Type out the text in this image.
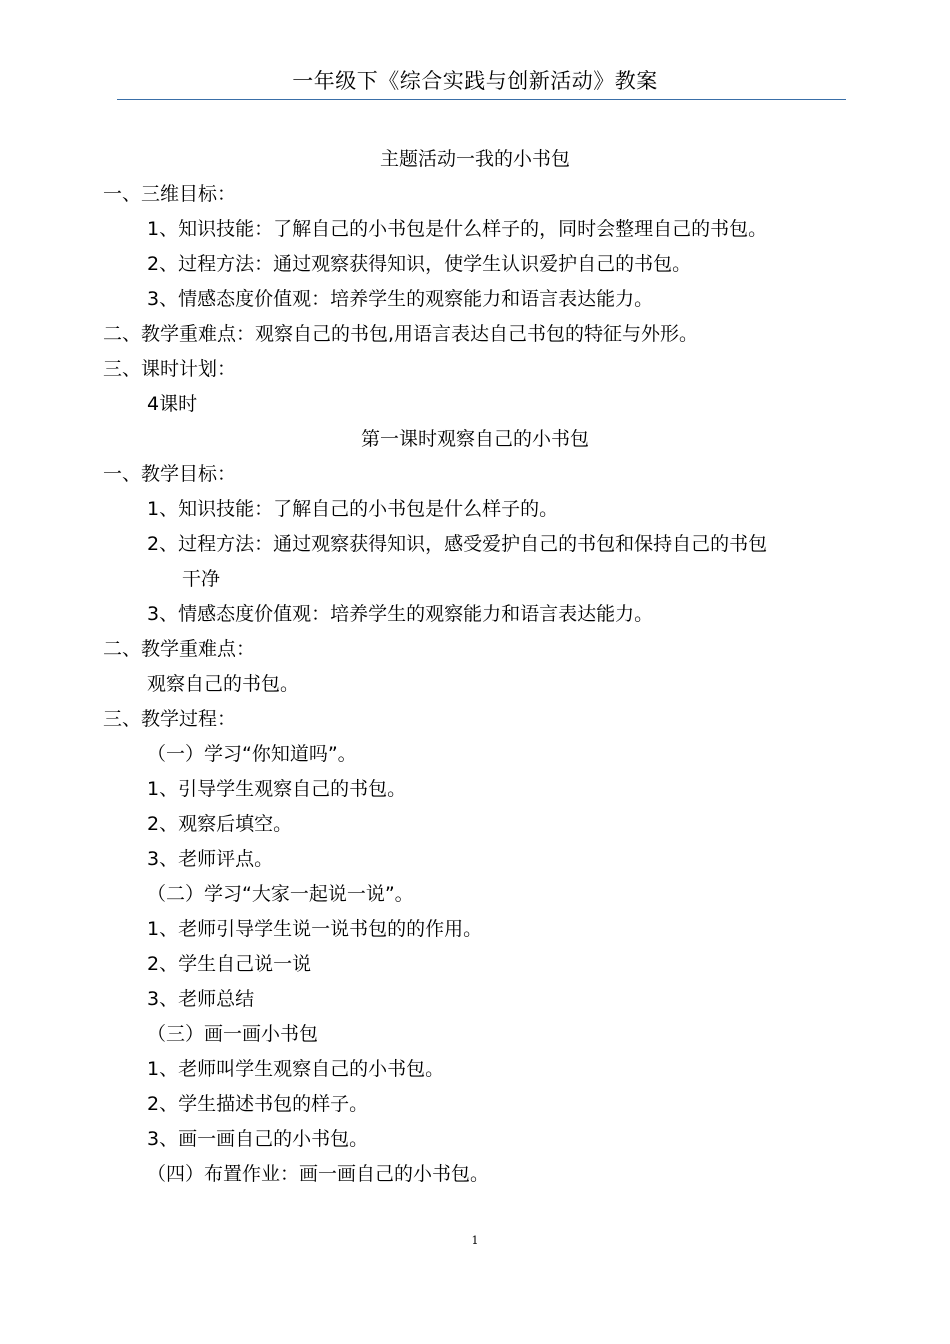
一年级下《综合实践与创新活动》教案
主题活动一我的小书包
一、三维目标：
1、知识技能：了解自己的小书包是什么样子的，同时会整理自己的书包。
2、过程方法：通过观察获得知识，使学生认识爱护自己的书包。
3、情感态度价值观：培养学生的观察能力和语言表达能力。
二、教学重难点：观察自己的书包,用语言表达自己书包的特征与外形。
三、课时计划：
4课时
第一课时观察自己的小书包
一、教学目标：
1、知识技能：了解自己的小书包是什么样子的。
2、过程方法：通过观察获得知识，感受爱护自己的书包和保持自己的书包
干净
3、情感态度价值观：培养学生的观察能力和语言表达能力。
二、教学重难点：
观察自己的书包。
三、教学过程：
（一）学习“你知道吗”。
1、引导学生观察自己的书包。
2、观察后填空。
3、老师评点。
（二）学习“大家一起说一说”。
1、老师引导学生说一说书包的的作用。
2、学生自己说一说
3、老师总结
（三）画一画小书包
1、老师叫学生观察自己的小书包。
2、学生描述书包的样子。
3、画一画自己的小书包。
（四）布置作业：画一画自己的小书包。
1
